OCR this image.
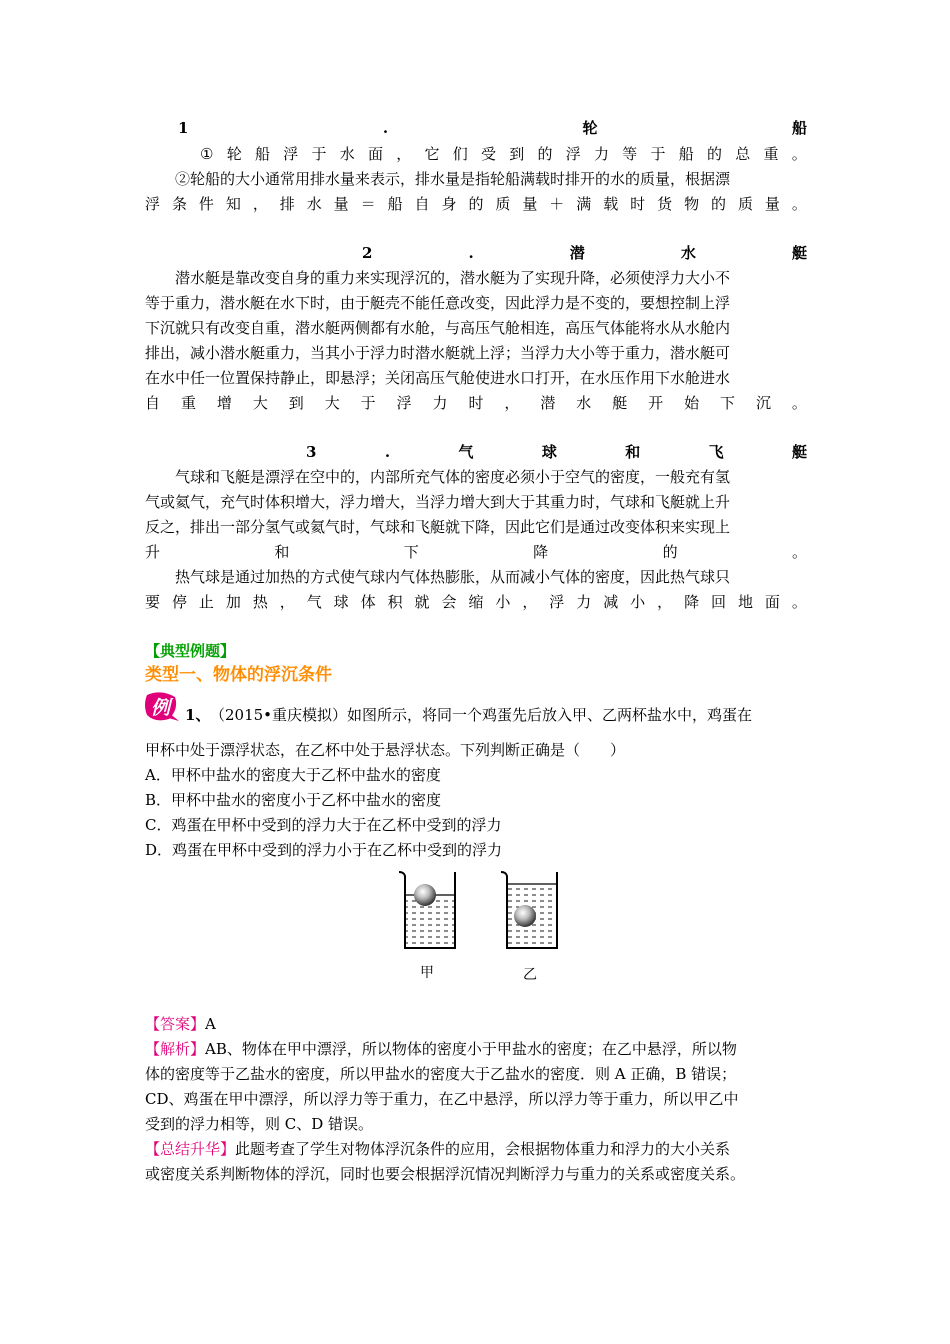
1	.	轮	船
① 轮 船 浮 于 水 面 ， 它 们 受 到 的 浮 力 等 于 船 的 总 重 。
②轮船的大小通常用排水量来表示，排水量是指轮船满载时排开的水的质量，根据漂
浮 条 件 知 ， 排 水 量 ＝ 船 自 身 的 质 量 ＋ 满 载 时 货 物 的 质 量 。
2	.	潜	水	艇
潜水艇是靠改变自身的重力来实现浮沉的，潜水艇为了实现升降，必须使浮力大小不
等于重力，潜水艇在水下时，由于艇壳不能任意改变，因此浮力是不变的，要想控制上浮
下沉就只有改变自重，潜水艇两侧都有水舱，与高压气舱相连，高压气体能将水从水舱内
排出，减小潜水艇重力，当其小于浮力时潜水艇就上浮；当浮力大小等于重力，潜水艇可
在水中任一位置保持静止，即悬浮；关闭高压气舱使进水口打开，在水压作用下水舱进水
自 重 增 大 到 大 于 浮 力 时 ， 潜 水 艇 开 始 下 沉 。
3	.	气	球	和	飞	艇
气球和飞艇是漂浮在空中的，内部所充气体的密度必须小于空气的密度，一般充有氢
气或氦气，充气时体积增大，浮力增大，当浮力增大到大于其重力时，气球和飞艇就上升
反之，排出一部分氢气或氦气时，气球和飞艇就下降，因此它们是通过改变体积来实现上
升	和	下	降	的	。
热气球是通过加热的方式使气球内气体热膨胀，从而减小气体的密度，因此热气球只
要 停 止 加 热 ， 气 球 体 积 就 会 缩 小 ， 浮 力 减 小 ， 降 回 地 面 。
【典型例题】
类型一、物体的浮沉条件
例 1、 （2015•重庆模拟）如图所示，将同一个鸡蛋先后放入甲、乙两杯盐水中，鸡蛋在
甲杯中处于漂浮状态，在乙杯中处于悬浮状态。下列判断正确是（　　）
A．甲杯中盐水的密度大于乙杯中盐水的密度
B．甲杯中盐水的密度小于乙杯中盐水的密度
C．鸡蛋在甲杯中受到的浮力大于在乙杯中受到的浮力
D．鸡蛋在甲杯中受到的浮力小于在乙杯中受到的浮力
甲	乙
【答案】A
【解析】AB、物体在甲中漂浮，所以物体的密度小于甲盐水的密度；在乙中悬浮，所以物
体的密度等于乙盐水的密度，所以甲盐水的密度大于乙盐水的密度．则 A 正确，B 错误；
CD、鸡蛋在甲中漂浮，所以浮力等于重力，在乙中悬浮，所以浮力等于重力，所以甲乙中
受到的浮力相等，则 C、D 错误。
【总结升华】此题考查了学生对物体浮沉条件的应用，会根据物体重力和浮力的大小关系
或密度关系判断物体的浮沉，同时也要会根据浮沉情况判断浮力与重力的关系或密度关系。
